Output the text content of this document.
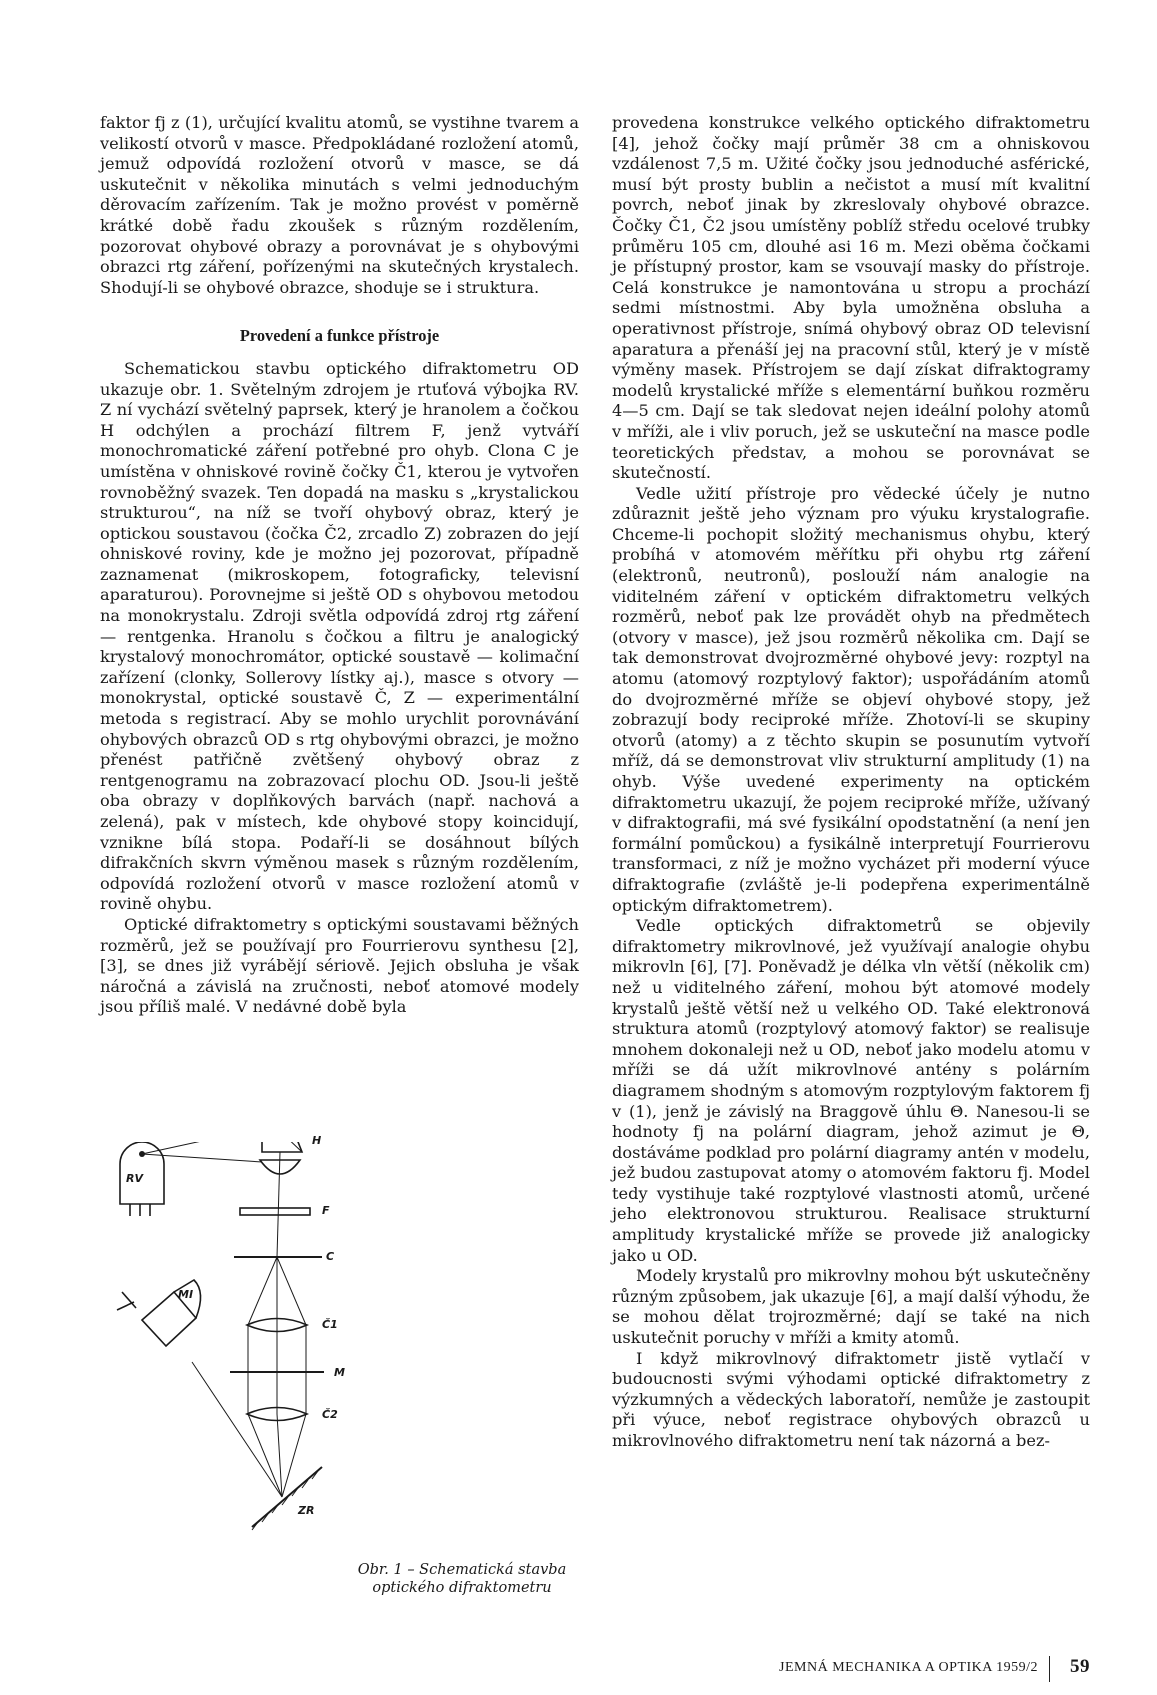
faktor fj z (1), určující kvalitu atomů, se vystihne tvarem a velikostí otvorů v masce. Předpokládané rozložení atomů, jemuž odpovídá rozložení otvorů v masce, se dá uskutečnit v několika minutách s velmi jednoduchým děrovacím zařízením. Tak je možno provést v poměrně krátké době řadu zkoušek s různým rozdělením, pozorovat ohybové obrazy a porovnávat je s ohybovými obrazci rtg záření, pořízenými na skutečných krystalech. Shodují-li se ohybové obrazce, shoduje se i struktura.

Provedení a funkce přístroje

Schematickou stavbu optického difraktometru OD ukazuje obr. 1. Světelným zdrojem je rtuťová výbojka RV. Z ní vychází světelný paprsek, který je hranolem a čočkou H odchýlen a prochází filtrem F, jenž vytváří monochromatické záření potřebné pro ohyb. Clona C je umístěna v ohniskové rovině čočky Č1, kterou je vytvořen rovnoběžný svazek. Ten dopadá na masku s „krystalickou strukturou“, na níž se tvoří ohybový obraz, který je optickou soustavou (čočka Č2, zrcadlo Z) zobrazen do její ohniskové roviny, kde je možno jej pozorovat, případně zaznamenat (mikroskopem, fotograficky, televisní aparaturou). Porovnejme si ještě OD s ohybovou metodou na monokrystalu. Zdroji světla odpovídá zdroj rtg záření — rentgenka. Hranolu s čočkou a filtru je analogický krystalový monochromátor, optické soustavě — kolimační zařízení (clonky, Sollerovy lístky aj.), masce s otvory — monokrystal, optické soustavě Č, Z — experimentální metoda s registrací. Aby se mohlo urychlit porovnávání ohybových obrazců OD s rtg ohybovými obrazci, je možno přenést patřičně zvětšený ohybový obraz z rentgenogramu na zobrazovací plochu OD. Jsou-li ještě oba obrazy v doplňkových barvách (např. nachová a zelená), pak v místech, kde ohybové stopy koincidují, vznikne bílá stopa. Podaří-li se dosáhnout bílých difrakčních skvrn výměnou masek s různým rozdělením, odpovídá rozložení otvorů v masce rozložení atomů v rovině ohybu.

Optické difraktometry s optickými soustavami běžných rozměrů, jež se používají pro Fourrierovu synthesu [2], [3], se dnes již vyrábějí sériově. Jejich obsluha je však náročná a závislá na zručnosti, neboť atomové modely jsou příliš malé. V nedávné době byla

provedena konstrukce velkého optického difraktometru [4], jehož čočky mají průměr 38 cm a ohniskovou vzdálenost 7,5 m. Užité čočky jsou jednoduché asférické, musí být prosty bublin a nečistot a musí mít kvalitní povrch, neboť jinak by zkreslovaly ohybové obrazce. Čočky Č1, Č2 jsou umístěny poblíž středu ocelové trubky průměru 105 cm, dlouhé asi 16 m. Mezi oběma čočkami je přístupný prostor, kam se vsouvají masky do přístroje. Celá konstrukce je namontována u stropu a prochází sedmi místnostmi. Aby byla umožněna obsluha a operativnost přístroje, snímá ohybový obraz OD televisní aparatura a přenáší jej na pracovní stůl, který je v místě výměny masek. Přístrojem se dají získat difraktogramy modelů krystalické mříže s elementární buňkou rozměru 4—5 cm. Dají se tak sledovat nejen ideální polohy atomů v mříži, ale i vliv poruch, jež se uskuteční na masce podle teoretických představ, a mohou se porovnávat se skutečností.

Vedle užití přístroje pro vědecké účely je nutno zdůraznit ještě jeho význam pro výuku krystalografie. Chceme-li pochopit složitý mechanismus ohybu, který probíhá v atomovém měřítku při ohybu rtg záření (elektronů, neutronů), poslouží nám analogie na viditelném záření v optickém difraktometru velkých rozměrů, neboť pak lze provádět ohyb na předmětech (otvory v masce), jež jsou rozměrů několika cm. Dají se tak demonstrovat dvojrozměrné ohybové jevy: rozptyl na atomu (atomový rozptylový faktor); uspořádáním atomů do dvojrozměrné mříže se objeví ohybové stopy, jež zobrazují body reciproké mříže. Zhotoví-li se skupiny otvorů (atomy) a z těchto skupin se posunutím vytvoří mříž, dá se demonstrovat vliv strukturní amplitudy (1) na ohyb. Výše uvedené experimenty na optickém difraktometru ukazují, že pojem reciproké mříže, užívaný v difraktografii, má své fysikální opodstatnění (a není jen formální pomůckou) a fysikálně interpretují Fourrierovu transformaci, z níž je možno vycházet při moderní výuce difraktografie (zvláště je-li podepřena experimentálně optickým difraktometrem).

Vedle optických difraktometrů se objevily difraktometry mikrovlnové, jež využívají analogie ohybu mikrovln [6], [7]. Poněvadž je délka vln větší (několik cm) než u viditelného záření, mohou být atomové modely krystalů ještě větší než u velkého OD. Také elektronová struktura atomů (rozptylový atomový faktor) se realisuje mnohem dokonaleji než u OD, neboť jako modelu atomu v mříži se dá užít mikrovlnové antény s polárním diagramem shodným s atomovým rozptylovým faktorem fj v (1), jenž je závislý na Braggově úhlu Θ. Nanesou-li se hodnoty fj na polární diagram, jehož azimut je Θ, dostáváme podklad pro polární diagramy antén v modelu, jež budou zastupovat atomy o atomovém faktoru fj. Model tedy vystihuje také rozptylové vlastnosti atomů, určené jeho elektronovou strukturou. Realisace strukturní amplitudy krystalické mříže se provede již analogicky jako u OD.

Modely krystalů pro mikrovlny mohou být uskutečněny různým způsobem, jak ukazuje [6], a mají další výhodu, že se mohou dělat trojrozměrné; dají se také na nich uskutečnit poruchy v mříži a kmity atomů.

I když mikrovlnový difraktometr jistě vytlačí v budoucnosti svými výhodami optické difraktometry z výzkumných a vědeckých laboratoří, nemůže je zastoupit při výuce, neboť registrace ohybových obrazců u mikrovlnového difraktometru není tak názorná a bez-

RV
H
F
C
Č1
M
Č2
ZR
MI
Obr. 1 – Schematická stavba
optického difraktometru
JEMNÁ MECHANIKA A OPTIKA 1959/2 59
